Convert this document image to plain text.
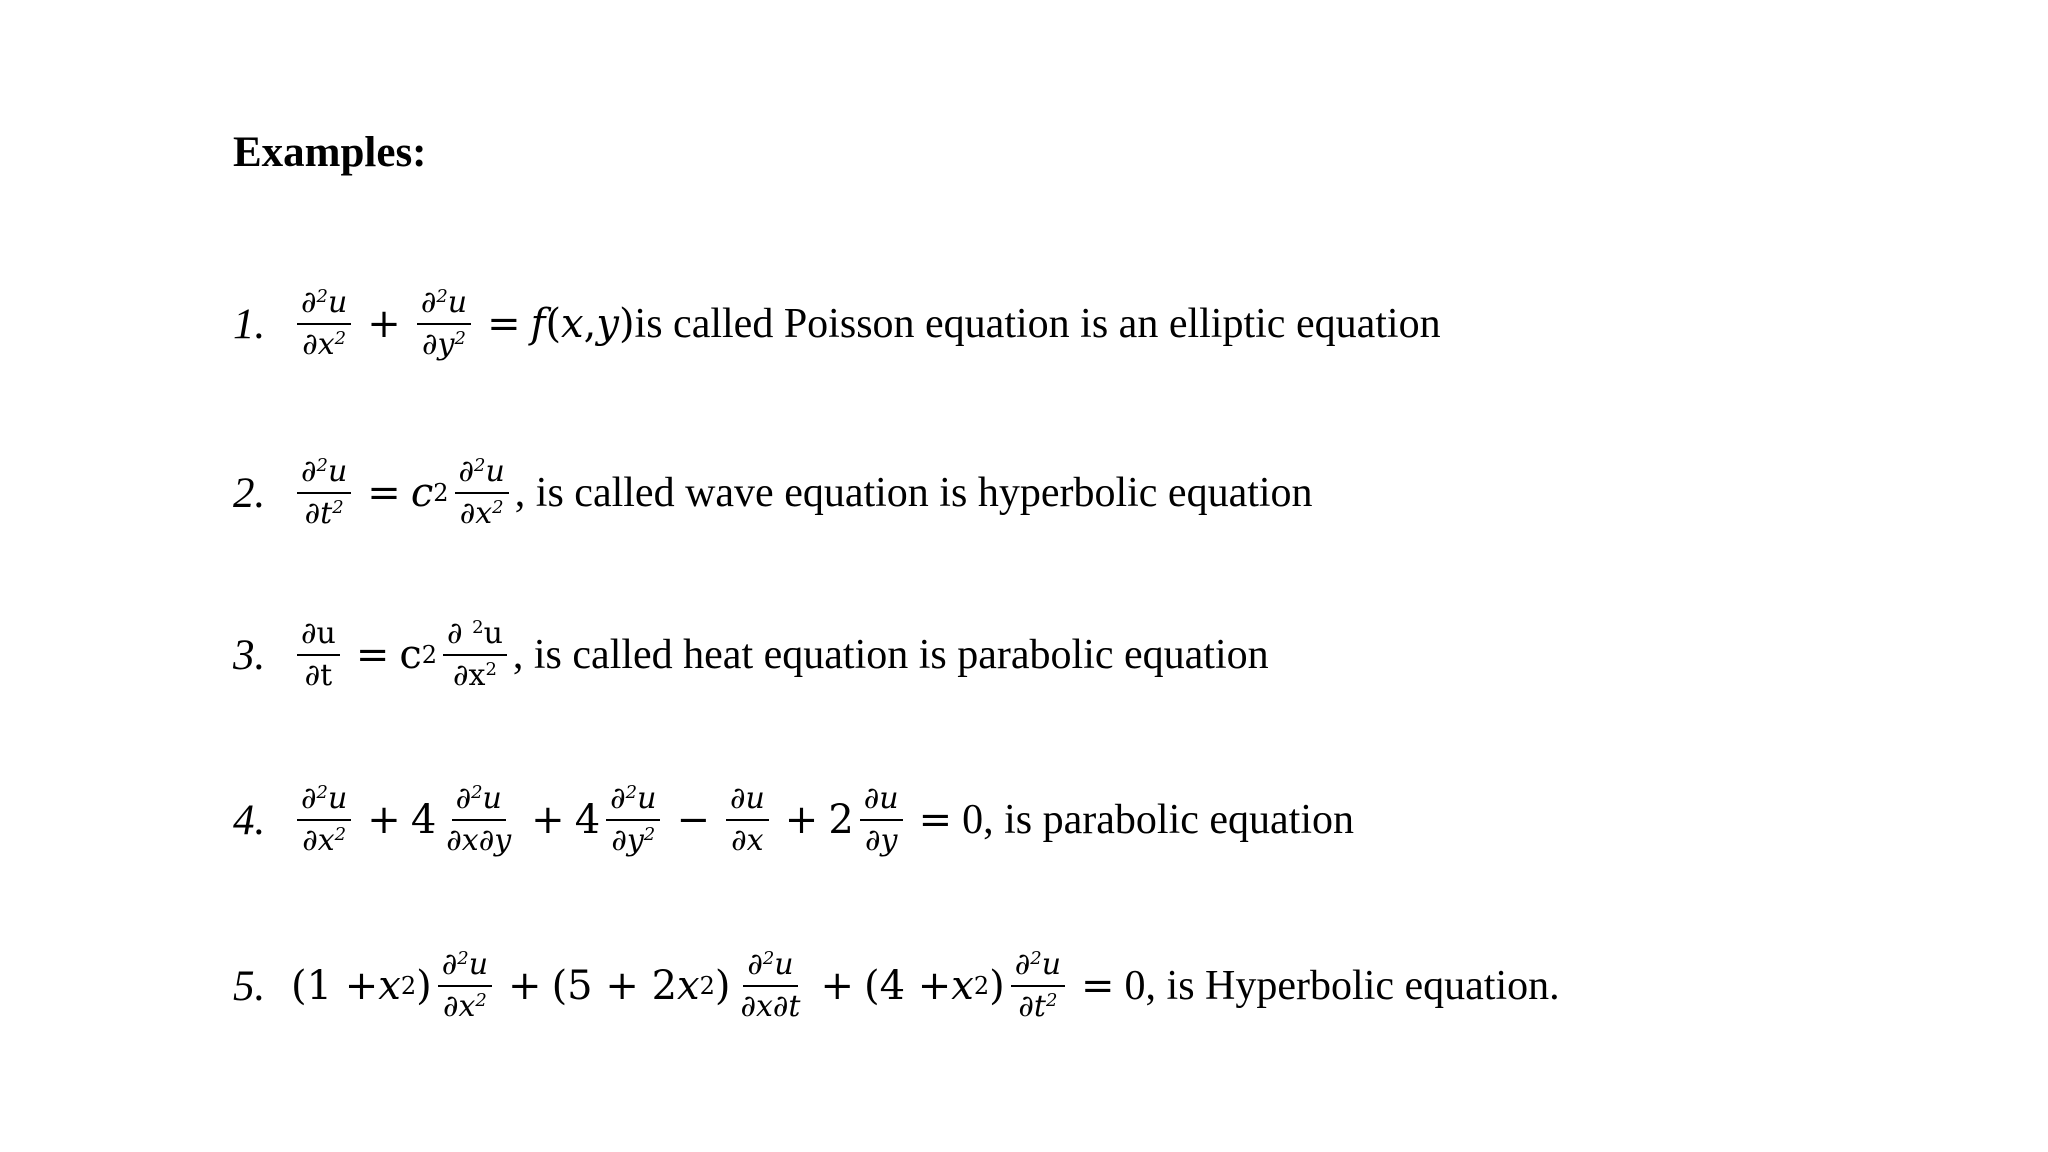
Examples:
1.	$\frac{\partial^2u}{\partial x^2} + \frac{\partial^2u}{\partial y^2} = f$ ( x , y ) is called Poisson equation is an elliptic equation
2.	$\frac{\partial^2u}{\partial t^2} = c$ $2 \frac{\partial^2u}{\partial x^2}$ , is called wave equation is hyperbolic equation
3.	$\frac{\partial u}{\partial t} = c$ $2 \frac{\partial ^2u}{\partial x^2}$ , is called heat equation is parabolic equation
4.	$\frac{\partial^2u}{\partial x^2} + 4 \frac{\partial^2u}{\partial x\partial y} + 4 \frac{\partial^2u}{\partial y^2} - \frac{\partial u}{\partial x} + 2 \frac{\partial u}{\partial y} = 0$, is parabolic equation
5. (1 + x 2 ) $\frac{\partial^2u}{\partial x^2} + (5 + 2$ x 2 ) $\frac{\partial^2u}{\partial x\partial t} + (4 + x$ 2 ) $\frac{\partial^2u}{\partial t^2} = 0$, is Hyperbolic equation.
